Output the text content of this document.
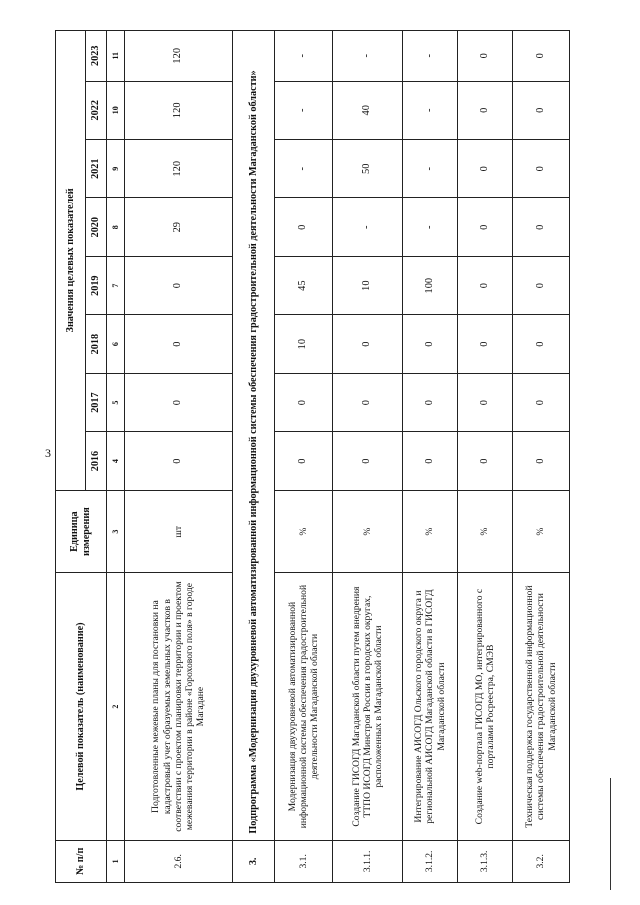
3
№ п/п	Целевой показатель (наименование)	Единица измерения	Значения целевых показателей							
			2016	2017	2018	2019	2020	2021	2022	2023
1	2	3	4	5	6	7	8	9	10	11
2.6.	Подготовленные межевые планы для постановки на кадастровый учет образуемых земельных участков в соответствии с проектом планировки территории и проектом межевания территории в районе «Горохового поля» в городе Магадане	шт	0	0	0	0	29	120	120	120
3.	Подпрограмма «Модернизация двухуровневой автоматизированной информационной системы обеспечения градостроительной деятельности Магаданской области»									
3.1.	Модернизация двухуровневой автоматизированной информационной системы обеспечения градостроительной деятельности Магаданской области	%	0	0	10	45	0	-	-	-
3.1.1.	Создание ГИСОГД Магаданской области путем внедрения ТТПО ИСОГД Минстроя России в городских округах, расположенных в Магаданской области	%	0	0	0	10	-	50	40	-
3.1.2.	Интегрирование АИСОГД Ольского городского округа и региональной АИСОГД Магаданской области в ГИСОГД Магаданской области	%	0	0	0	100	-	-	-	-
3.1.3.	Создание web-портала ГИСОГД МО, интегрированного с порталами Росреестра, СМЭВ	%	0	0	0	0	0	0	0	0
3.2.	Техническая поддержка государственной информационной системы обеспечения градостроительной деятельности Магаданской области	%	0	0	0	0	0	0	0	0
